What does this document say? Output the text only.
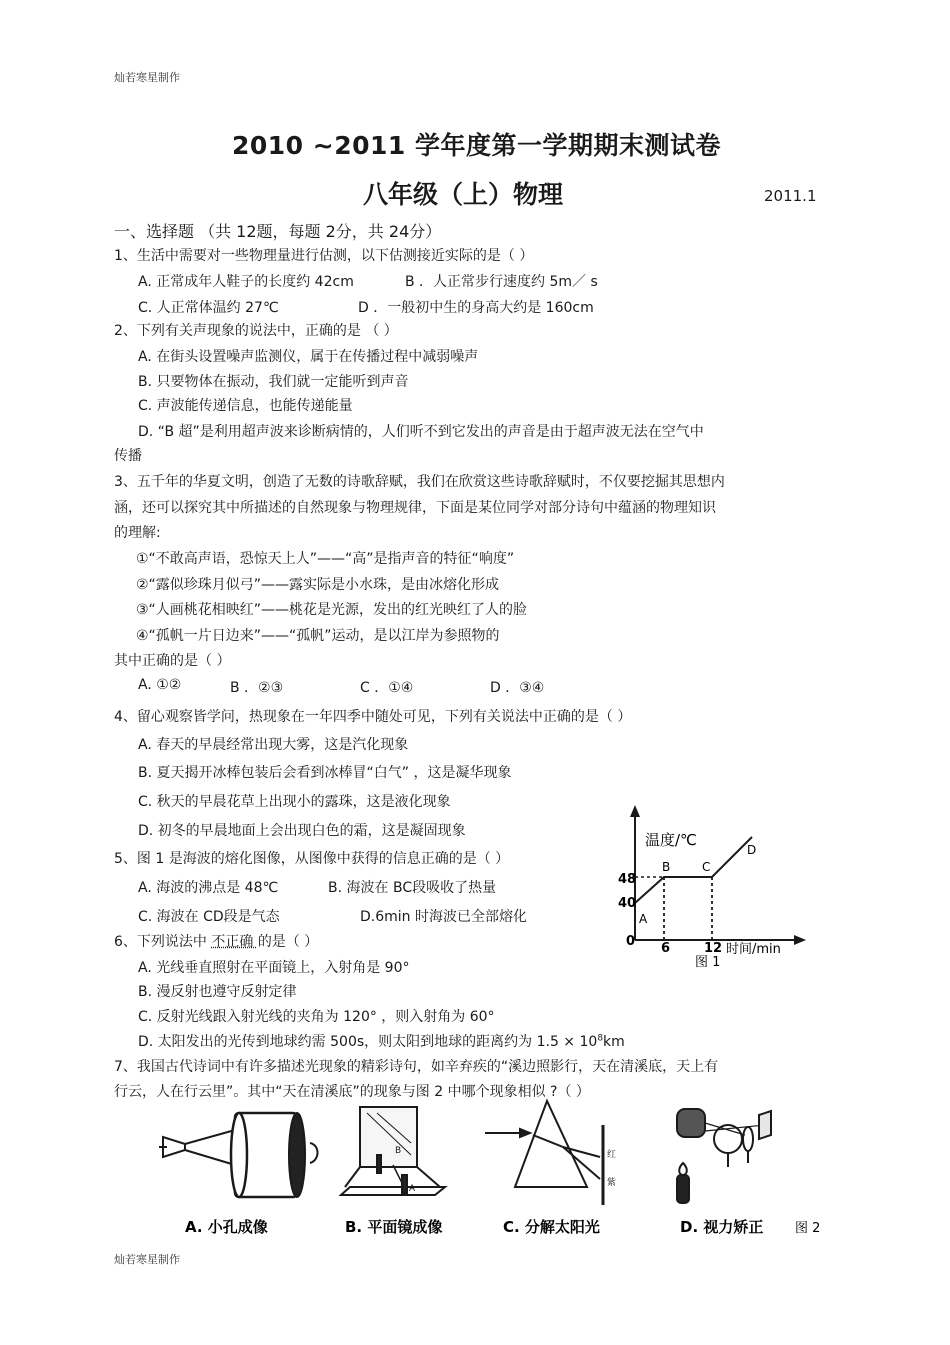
灿若寒星制作
灿若寒星制作
2010 ~2011 学年度第一学期期末测试卷
八年级（上）物理	2011.1
一、选择题 （共 12题，每题 2分，共 24分）
1、生活中需要对一些物理量进行估测，以下估测接近实际的是（ ）
A. 正常成年人鞋子的长度约 42cm	B ．人正常步行速度约 5m／ s
C. 人正常体温约 27℃	D ．一般初中生的身高大约是 160cm
2、下列有关声现象的说法中，正确的是 （ ）
A. 在街头设置噪声监测仪，属于在传播过程中减弱噪声
B. 只要物体在振动，我们就一定能听到声音
C. 声波能传递信息，也能传递能量
D. “B 超”是利用超声波来诊断病情的，人们听不到它发出的声音是由于超声波无法在空气中
传播
3、五千年的华夏文明，创造了无数的诗歌辞赋，我们在欣赏这些诗歌辞赋时，不仅要挖掘其思想内
涵，还可以探究其中所描述的自然现象与物理规律，下面是某位同学对部分诗句中蕴涵的物理知识
的理解:
①“不敢高声语，恐惊天上人”——“高”是指声音的特征“响度”
②“露似珍珠月似弓”——露实际是小水珠，是由冰熔化形成
③“人画桃花相映红”——桃花是光源，发出的红光映红了人的脸
④“孤帆一片日边来”——“孤帆”运动，是以江岸为参照物的
其中正确的是（ ）
A. ①②	B ．②③	C ．①④	D ．③④
4、留心观察皆学问，热现象在一年四季中随处可见，下列有关说法中正确的是（ ）
A. 春天的早晨经常出现大雾，这是汽化现象
B. 夏天揭开冰棒包装后会看到冰棒冒“白气” ，这是凝华现象
C. 秋天的早晨花草上出现小的露珠，这是液化现象
D. 初冬的早晨地面上会出现白色的霜，这是凝固现象
5、图 1 是海波的熔化图像，从图像中获得的信息正确的是（ ）
A. 海波的沸点是 48℃	B. 海波在 BC段吸收了热量
C. 海波在 CD段是气态	D.6min 时海波已全部熔化
6、下列说法中 不正确 的是（ ）
A. 光线垂直照射在平面镜上，入射角是 90°
B. 漫反射也遵守反射定律
C. 反射光线跟入射光线的夹角为 120° ，则入射角为 60°
D. 太阳发出的光传到地球约需 500s，则太阳到地球的距离约为 $1.5 \times 10^8km$
7、我国古代诗词中有许多描述光现象的精彩诗句，如辛弃疾的“溪边照影行，天在清溪底，天上有
行云，人在行云里”。其中“天在清溪底”的现象与图 2 中哪个现象相似 ?（ ）
温度/℃
时间/min
48
40
0 6	12
A
B	C
D
图 1
B
A
红
紫
A. 小孔成像	B. 平面镜成像	C. 分解太阳光	D. 视力矫正 图 2
